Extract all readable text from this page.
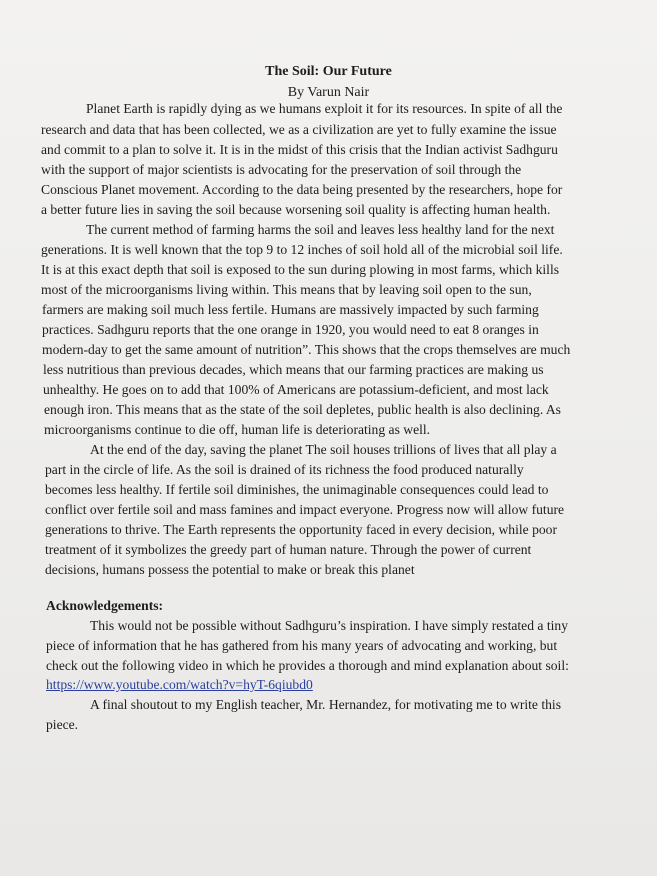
The Soil: Our Future
By Varun Nair
Planet Earth is rapidly dying as we humans exploit it for its resources. In spite of all the
research and data that has been collected, we as a civilization are yet to fully examine the issue
and commit to a plan to solve it. It is in the midst of this crisis that the Indian activist Sadhguru
with the support of major scientists is advocating for the preservation of soil through the
Conscious Planet movement. According to the data being presented by the researchers, hope for
a better future lies in saving the soil because worsening soil quality is affecting human health.
The current method of farming harms the soil and leaves less healthy land for the next
generations. It is well known that the top 9 to 12 inches of soil hold all of the microbial soil life.
It is at this exact depth that soil is exposed to the sun during plowing in most farms, which kills
most of the microorganisms living within. This means that by leaving soil open to the sun,
farmers are making soil much less fertile. Humans are massively impacted by such farming
practices. Sadhguru reports that the one orange in 1920, you would need to eat 8 oranges in
modern-day to get the same amount of nutrition”. This shows that the crops themselves are much
less nutritious than previous decades, which means that our farming practices are making us
unhealthy. He goes on to add that 100% of Americans are potassium-deficient, and most lack
enough iron. This means that as the state of the soil depletes, public health is also declining. As
microorganisms continue to die off, human life is deteriorating as well.
At the end of the day, saving the planet The soil houses trillions of lives that all play a
part in the circle of life. As the soil is drained of its richness the food produced naturally
becomes less healthy. If fertile soil diminishes, the unimaginable consequences could lead to
conflict over fertile soil and mass famines and impact everyone. Progress now will allow future
generations to thrive. The Earth represents the opportunity faced in every decision, while poor
treatment of it symbolizes the greedy part of human nature. Through the power of current
decisions, humans possess the potential to make or break this planet
Acknowledgements:
This would not be possible without Sadhguru’s inspiration. I have simply restated a tiny
piece of information that he has gathered from his many years of advocating and working, but
check out the following video in which he provides a thorough and mind explanation about soil:
https://www.youtube.com/watch?v=hyT-6qiubd0
A final shoutout to my English teacher, Mr. Hernandez, for motivating me to write this
piece.
